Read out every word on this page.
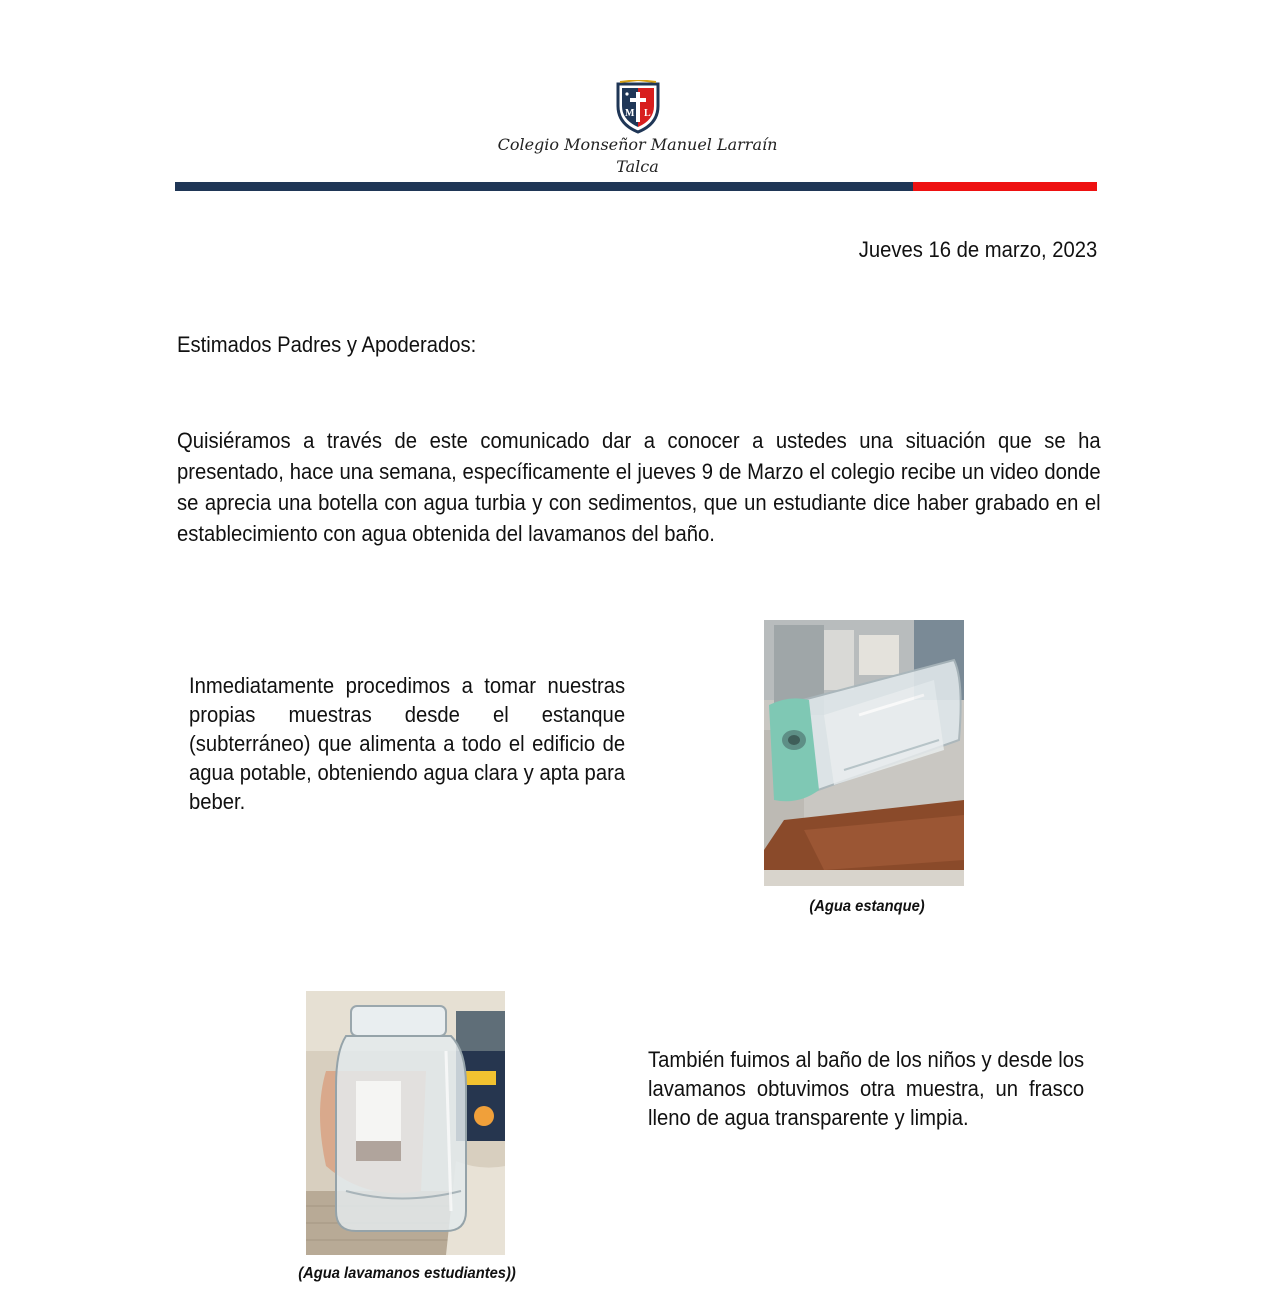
M L
Colegio Monseñor Manuel Larraín
Talca
Jueves 16 de marzo, 2023
Estimados Padres y Apoderados:
Quisiéramos a través de este comunicado dar a conocer a ustedes una situación que se ha presentado, hace una semana, específicamente el jueves 9 de Marzo el colegio recibe un video donde se aprecia una botella con agua turbia y con sedimentos, que un estudiante dice haber grabado en el establecimiento con agua obtenida del lavamanos del baño.
Inmediatamente procedimos a tomar nuestras propias muestras desde el estanque (subterráneo) que alimenta a todo el edificio de agua potable, obteniendo agua clara y apta para beber.
(Agua estanque)
(Agua lavamanos estudiantes))
También fuimos al baño de los niños y desde los lavamanos obtuvimos otra muestra, un frasco lleno de agua transparente y limpia.
